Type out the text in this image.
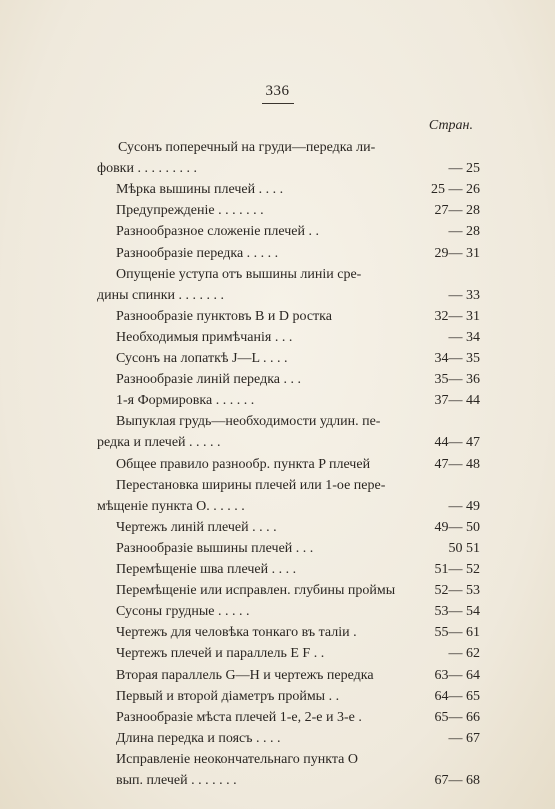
336
Стран.
Сусонъ поперечный на груди—передка ли-
фовки . . . . . . . . .	— 25
Мѣрка вышины плечей . . . .	25 — 26
Предупрежденіе . . . . . . .	27— 28
Разнообразное сложеніе плечей . .	— 28
Разнообразіе передка . . . . .	29— 31
Опущеніе уступа отъ вышины линіи сре-
дины спинки . . . . . . .	— 33
Разнообразіе пунктовъ B и D ростка	32— 31
Необходимыя примѣчанія . . .	— 34
Сусонъ на лопаткѣ J—L . . . .	34— 35
Разнообразіе линій передка . . .	35— 36
1-я Формировка . . . . . .	37— 44
Выпуклая грудь—необходимости удлин. пе-
редка и плечей . . . . .	44— 47
Общее правило разнообр. пункта P плечей	47— 48
Перестановка ширины плечей или 1-ое пере-
мѣщеніе пункта O. . . . . .	— 49
Чертежъ линій плечей . . . .	49— 50
Разнообразіе вышины плечей . . .	50 51
Перемѣщеніе шва плечей . . . .	51— 52
Перемѣщеніе или исправлен. глубины проймы	52— 53
Сусоны грудные . . . . .	53— 54
Чертежъ для человѣка тонкаго въ таліи .	55— 61
Чертежъ плечей и параллель E F . .	— 62
Вторая параллель G—H и чертежъ передка	63— 64
Первый и второй діаметръ проймы . .	64— 65
Разнообразіе мѣста плечей 1-е, 2-е и 3-е .	65— 66
Длина передка и поясъ . . . .	— 67
Исправленіе неокончательнаго пункта O
вып. плечей . . . . . . .	67— 68
